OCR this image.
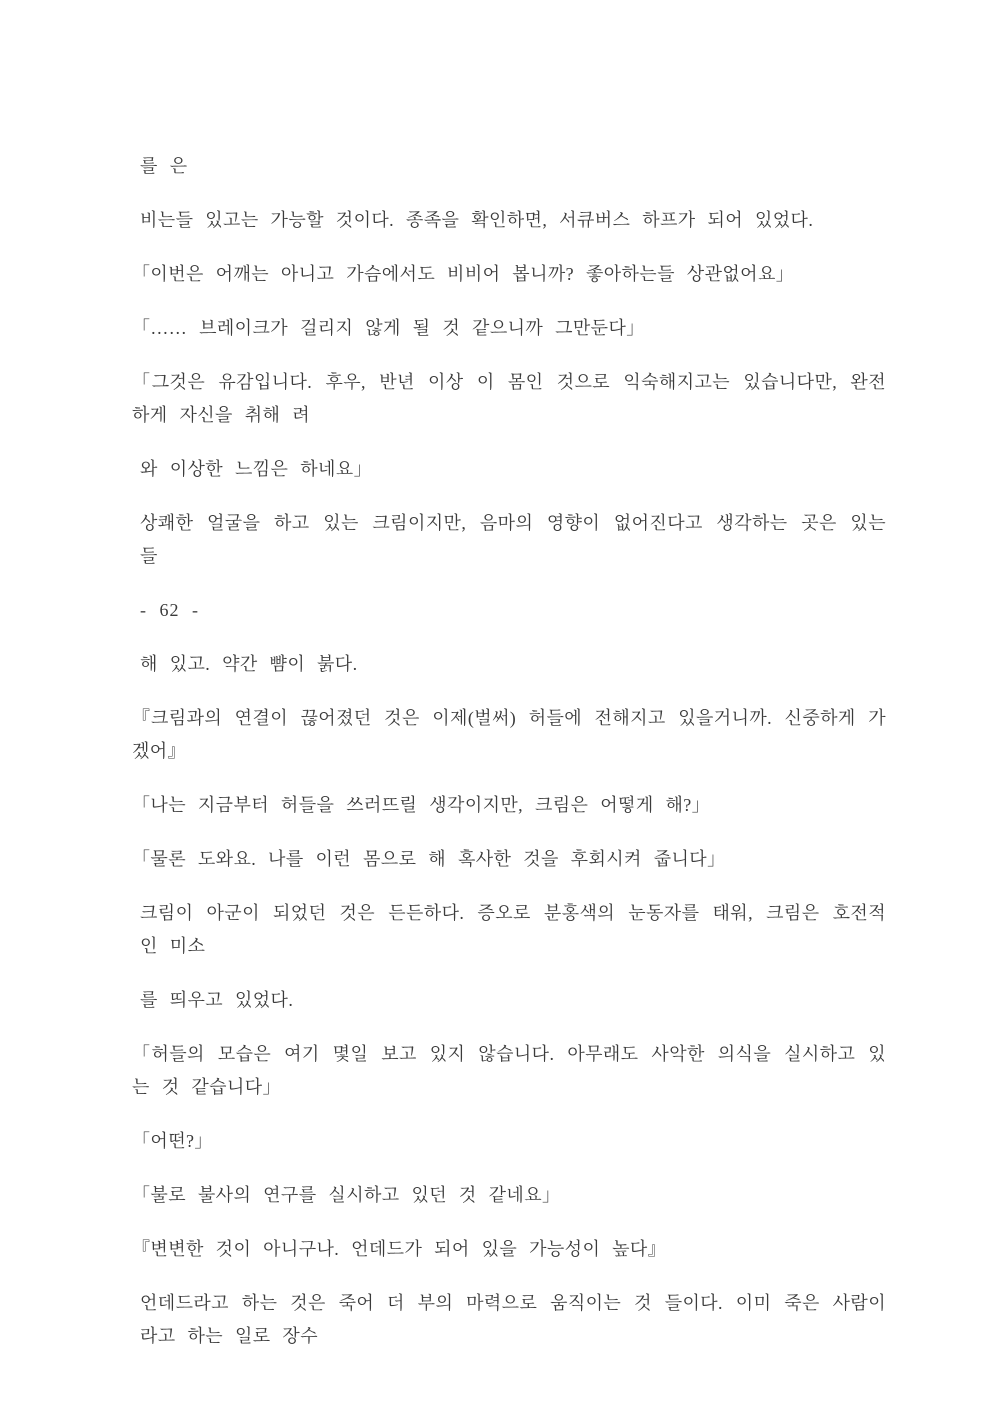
를 은

비는들 있고는 가능할 것이다. 종족을 확인하면, 서큐버스 하프가 되어 있었다.

「이번은 어깨는 아니고 가슴에서도 비비어 봅니까? 좋아하는들 상관없어요」

「…… 브레이크가 걸리지 않게 될 것 같으니까 그만둔다」

「그것은 유감입니다. 후우, 반년 이상 이 몸인 것으로 익숙해지고는 있습니다만, 완전하게 자신을 취해 려

와 이상한 느낌은 하네요」

상쾌한 얼굴을 하고 있는 크림이지만, 음마의 영향이 없어진다고 생각하는 곳은 있는들

- 62 -

해 있고. 약간 뺨이 붉다.

『크림과의 연결이 끊어졌던 것은 이제(벌써) 허들에 전해지고 있을거니까. 신중하게 가겠어』

「나는 지금부터 허들을 쓰러뜨릴 생각이지만, 크림은 어떻게 해?」

「물론 도와요. 나를 이런 몸으로 해 혹사한 것을 후회시켜 줍니다」

크림이 아군이 되었던 것은 든든하다. 증오로 분홍색의 눈동자를 태워, 크림은 호전적인 미소

를 띄우고 있었다.

「허들의 모습은 여기 몇일 보고 있지 않습니다. 아무래도 사악한 의식을 실시하고 있는 것 같습니다」

「어떤?」

「불로 불사의 연구를 실시하고 있던 것 같네요」

『변변한 것이 아니구나. 언데드가 되어 있을 가능성이 높다』

언데드라고 하는 것은 죽어 더 부의 마력으로 움직이는 것 들이다. 이미 죽은 사람이라고 하는 일로 장수
